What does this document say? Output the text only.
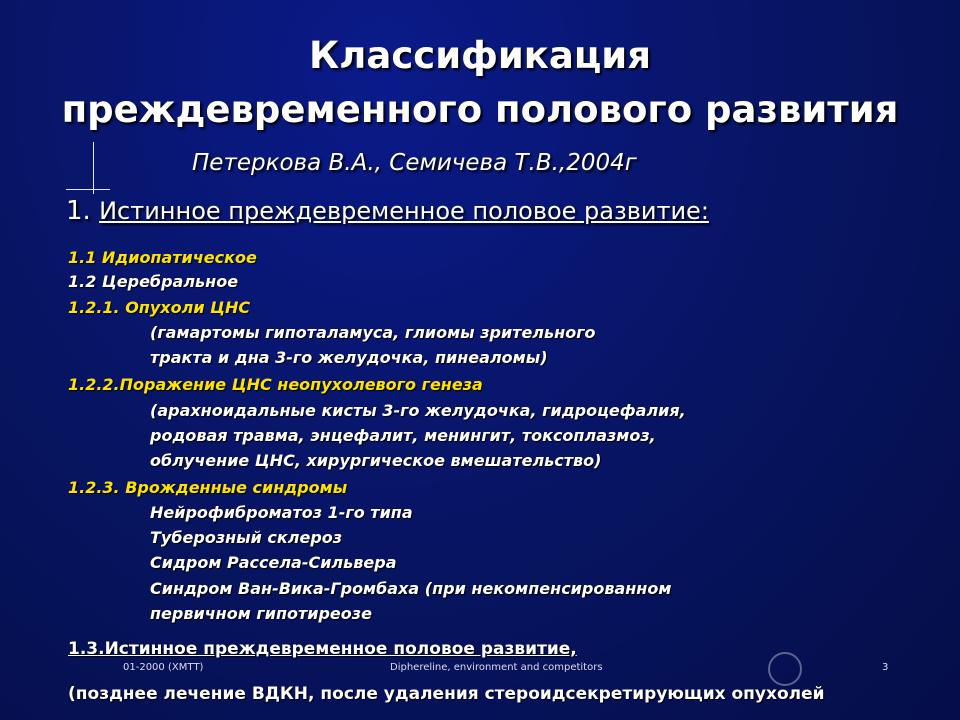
Классификация
преждевременного полового развития
Петеркова В.А., Семичева Т.В.,2004г
1. Истинное преждевременное половое развитие:
1.1 Идиопатическое
1.2 Церебральное
1.2.1. Опухоли ЦНС
(гамартомы гипоталамуса, глиомы зрительного
тракта и дна 3-го желудочка, пинеаломы)
1.2.2.Поражение ЦНС неопухолевого генеза
(арахноидальные кисты 3-го желудочка, гидроцефалия,
родовая травма, энцефалит, менингит, токсоплазмоз,
облучение ЦНС, хирургическое вмешательство)
1.2.3. Врожденные синдромы
Нейрофиброматоз 1-го типа
Туберозный склероз
Сидром Рассела-Сильвера
Синдром Ван-Вика-Громбаха (при некомпенсированном
первичном гипотиреозе
1.3.Истинное преждевременное половое развитие,
(позднее лечение ВДКН, после удаления стероидсекретирующих опухолей
01-2000 (ХМТТ)	Diphereline, environment and competitors	3
